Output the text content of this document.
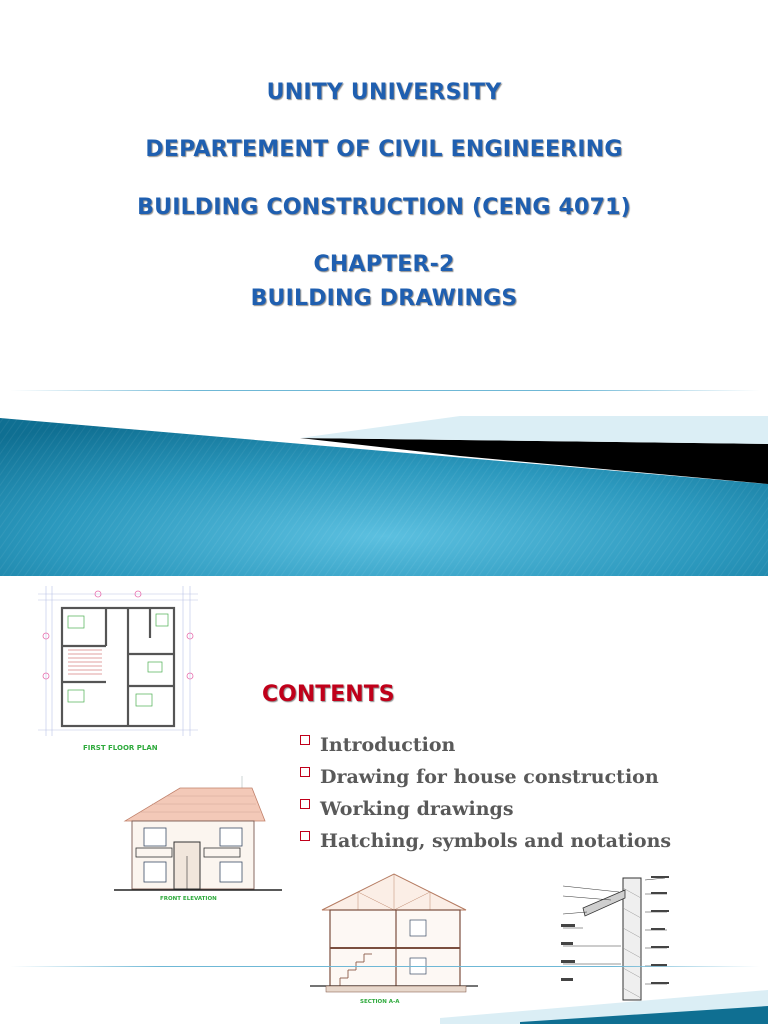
UNITY UNIVERSITY
DEPARTEMENT OF CIVIL ENGINEERING
BUILDING CONSTRUCTION (CENG 4071)
CHAPTER-2
BUILDING DRAWINGS
FIRST FLOOR PLAN
FRONT ELEVATION
CONTENTS
Introduction
Drawing for house construction
Working drawings
Hatching, symbols and notations
SECTION A-A
